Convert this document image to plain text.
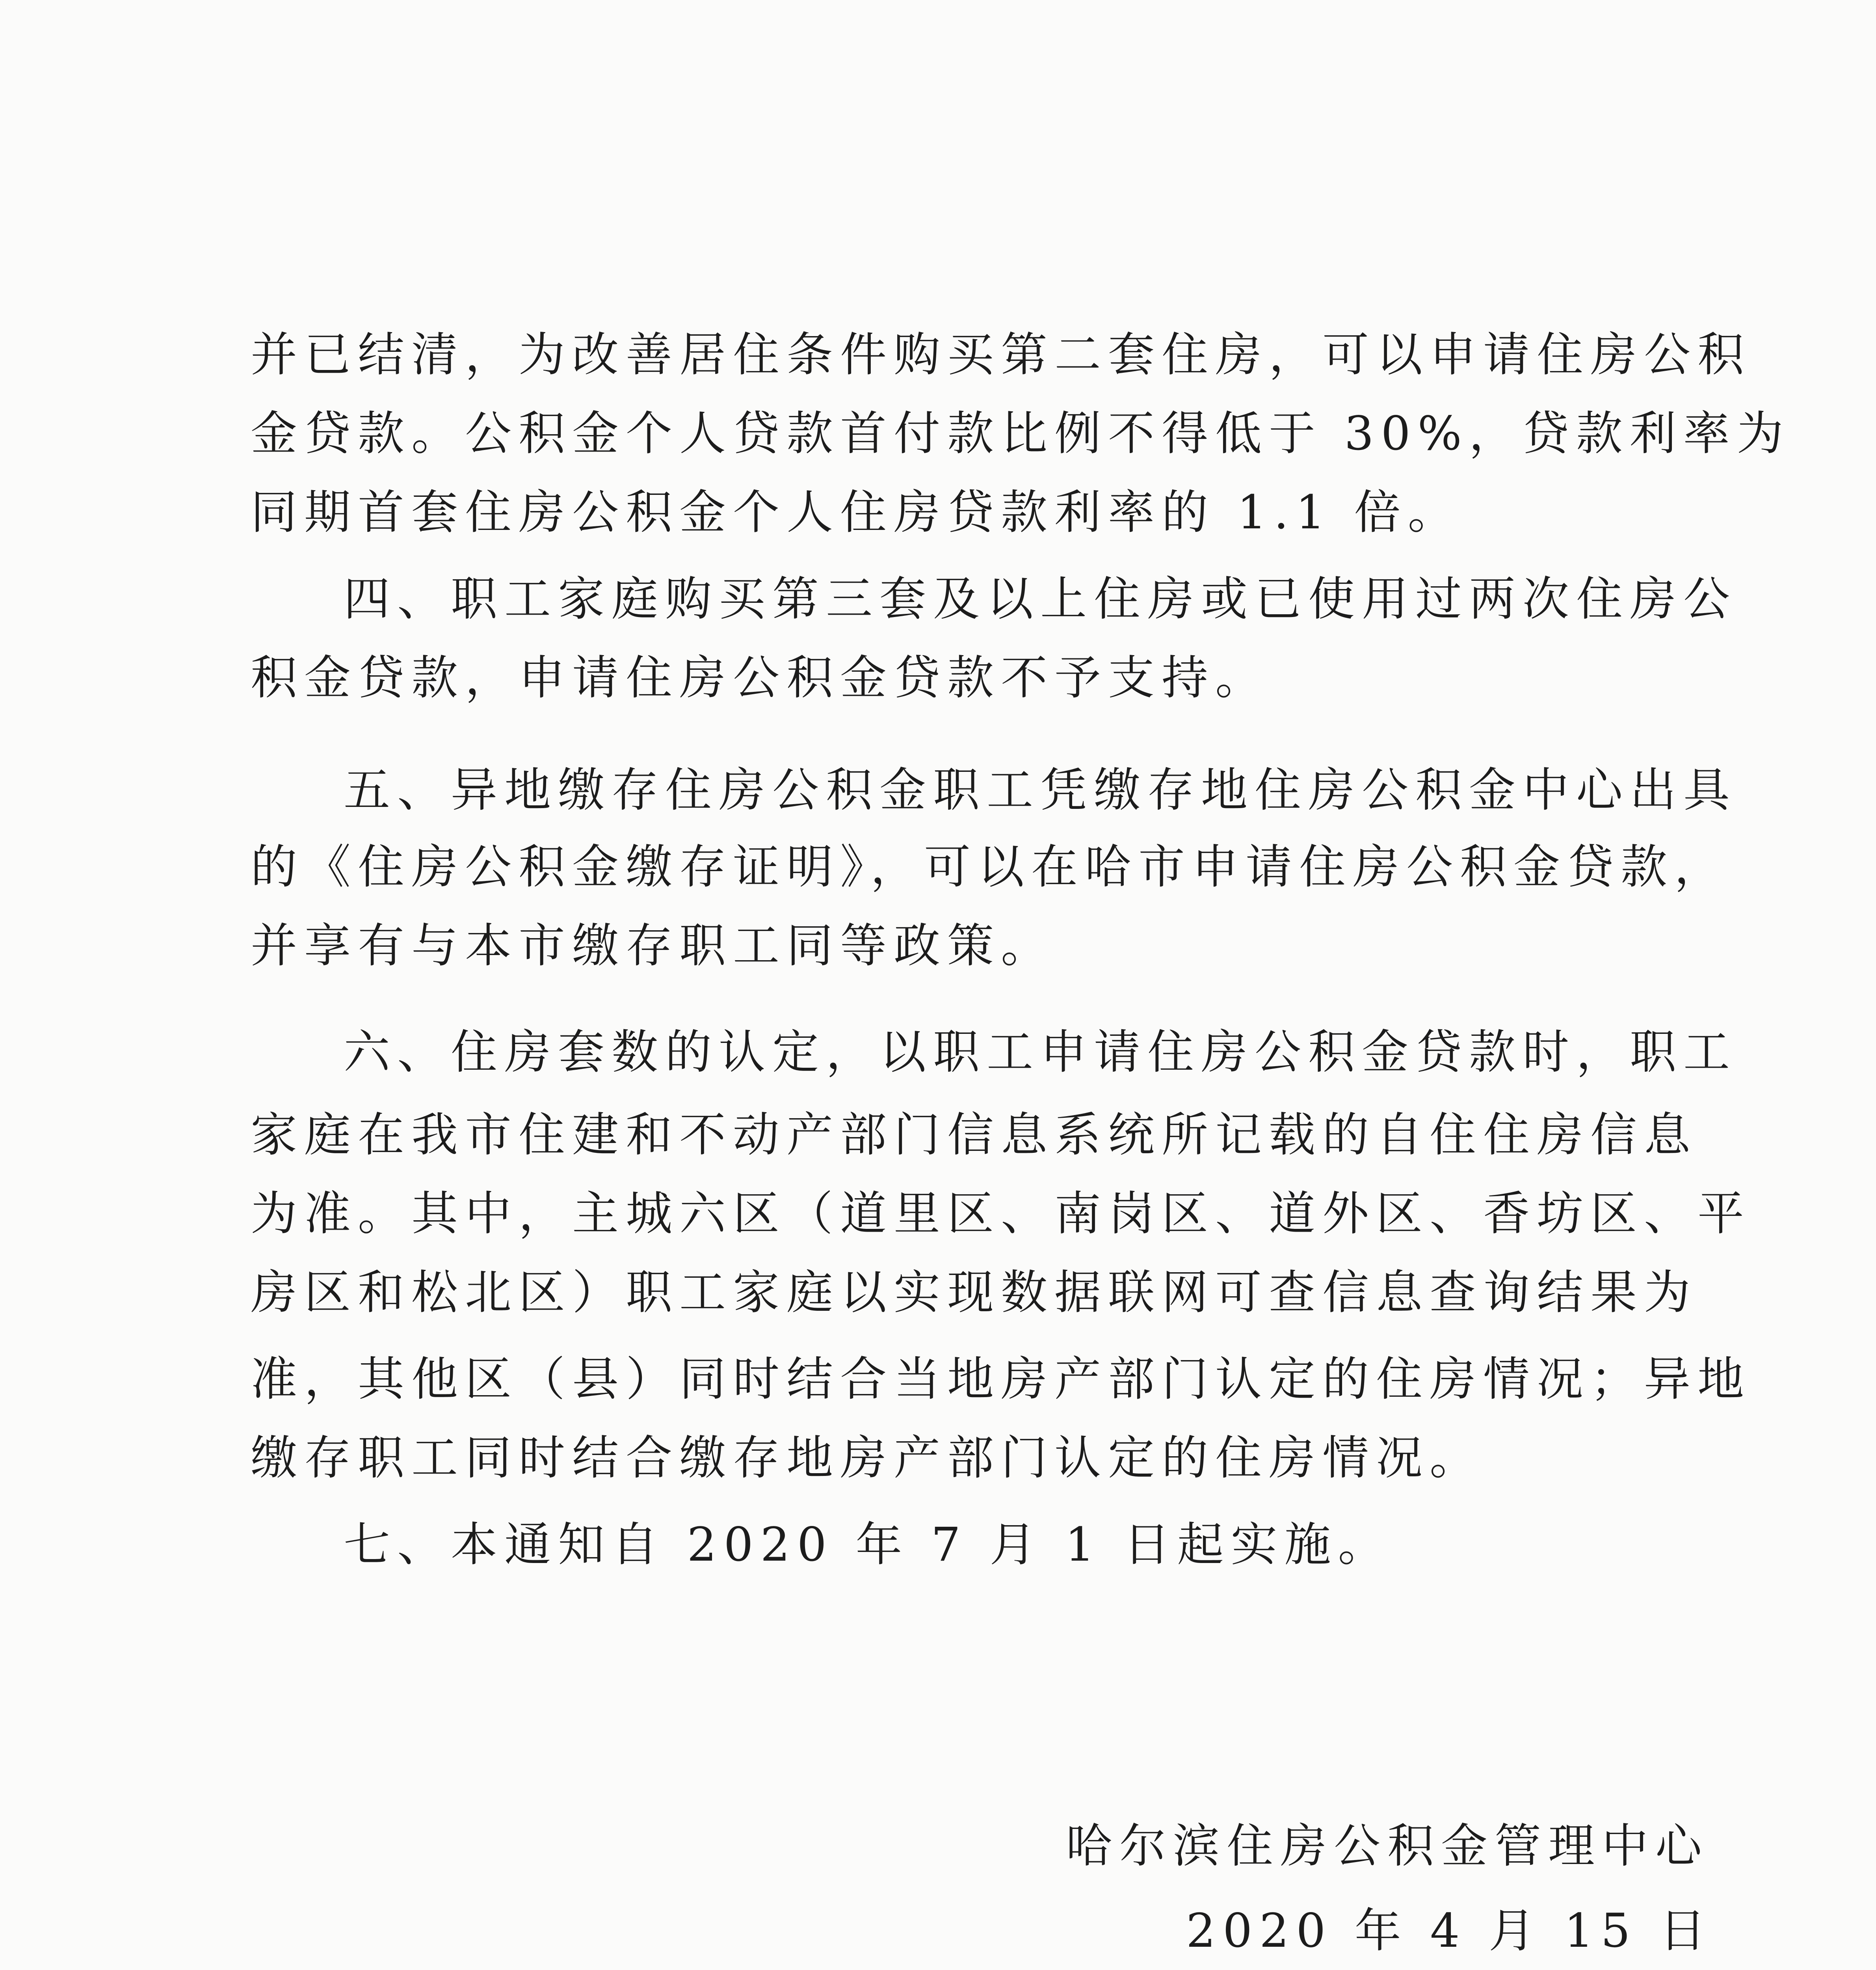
并已结清，为改善居住条件购买第二套住房，可以申请住房公积
金贷款。公积金个人贷款首付款比例不得低于 30%，贷款利率为
同期首套住房公积金个人住房贷款利率的 1.1 倍。
四、职工家庭购买第三套及以上住房或已使用过两次住房公
积金贷款，申请住房公积金贷款不予支持。
五、异地缴存住房公积金职工凭缴存地住房公积金中心出具
的《住房公积金缴存证明》，可以在哈市申请住房公积金贷款，
并享有与本市缴存职工同等政策。
六、住房套数的认定，以职工申请住房公积金贷款时，职工
家庭在我市住建和不动产部门信息系统所记载的自住住房信息
为准。其中，主城六区（道里区、南岗区、道外区、香坊区、平
房区和松北区）职工家庭以实现数据联网可查信息查询结果为
准，其他区（县）同时结合当地房产部门认定的住房情况；异地
缴存职工同时结合缴存地房产部门认定的住房情况。
七、本通知自 2020 年 7 月 1 日起实施。
哈尔滨住房公积金管理中心
2020 年 4 月 15 日
